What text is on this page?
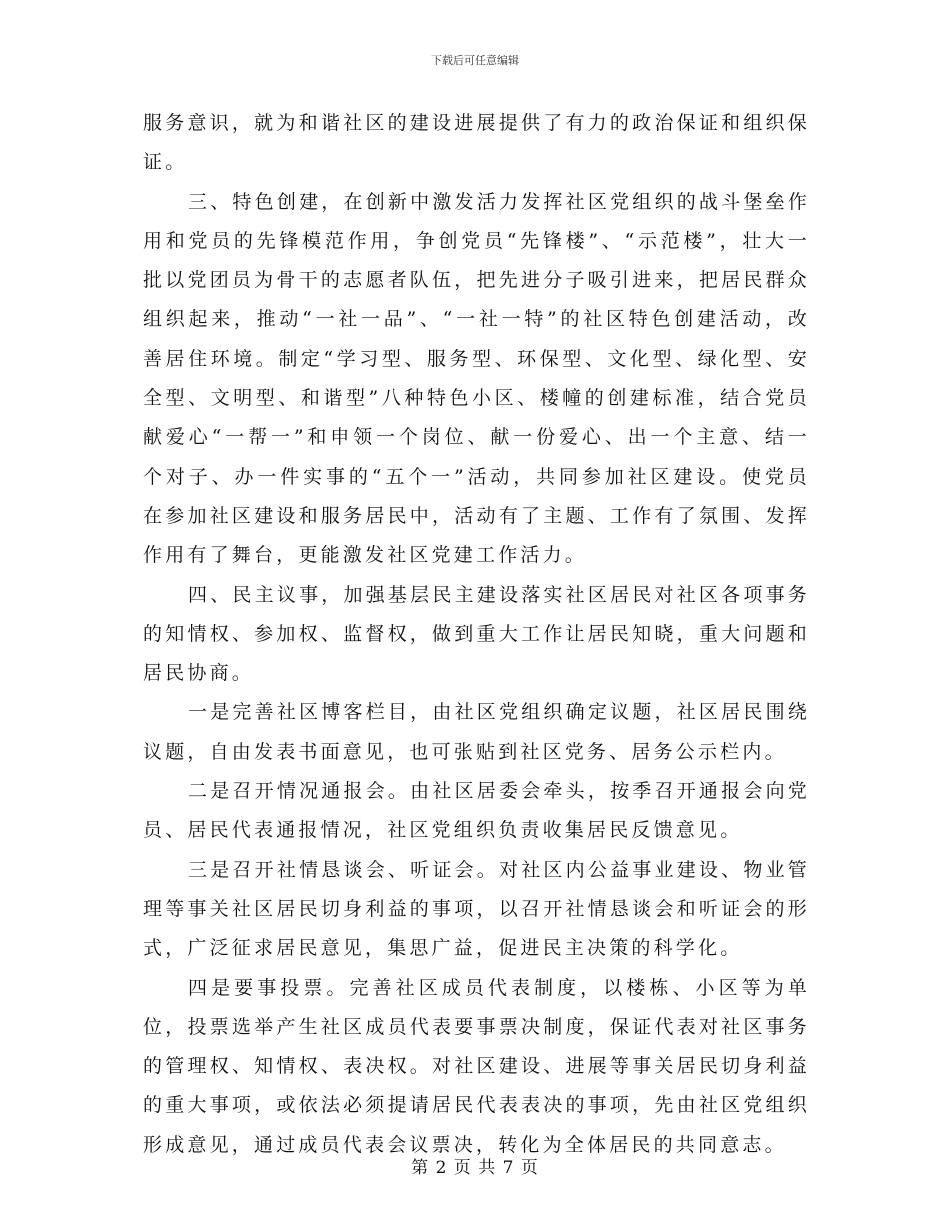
下载后可任意编辑

服务意识，就为和谐社区的建设进展提供了有力的政治保证和组织保证。

三、特色创建，在创新中激发活力发挥社区党组织的战斗堡垒作用和党员的先锋模范作用，争创党员“先锋楼”、“示范楼”，壮大一批以党团员为骨干的志愿者队伍，把先进分子吸引进来，把居民群众组织起来，推动“一社一品”、“一社一特”的社区特色创建活动，改善居住环境。制定“学习型、服务型、环保型、文化型、绿化型、安全型、文明型、和谐型”八种特色小区、楼幢的创建标准，结合党员献爱心“一帮一”和申领一个岗位、献一份爱心、出一个主意、结一个对子、办一件实事的“五个一”活动，共同参加社区建设。使党员在参加社区建设和服务居民中，活动有了主题、工作有了氛围、发挥作用有了舞台，更能激发社区党建工作活力。

四、民主议事，加强基层民主建设落实社区居民对社区各项事务的知情权、参加权、监督权，做到重大工作让居民知晓，重大问题和居民协商。

一是完善社区博客栏目，由社区党组织确定议题，社区居民围绕议题，自由发表书面意见，也可张贴到社区党务、居务公示栏内。

二是召开情况通报会。由社区居委会牵头，按季召开通报会向党员、居民代表通报情况，社区党组织负责收集居民反馈意见。

三是召开社情恳谈会、听证会。对社区内公益事业建设、物业管理等事关社区居民切身利益的事项，以召开社情恳谈会和听证会的形式，广泛征求居民意见，集思广益，促进民主决策的科学化。

四是要事投票。完善社区成员代表制度，以楼栋、小区等为单位，投票选举产生社区成员代表要事票决制度，保证代表对社区事务的管理权、知情权、表决权。对社区建设、进展等事关居民切身利益的重大事项，或依法必须提请居民代表表决的事项，先由社区党组织形成意见，通过成员代表会议票决，转化为全体居民的共同意志。

第 2 页 共 7 页
